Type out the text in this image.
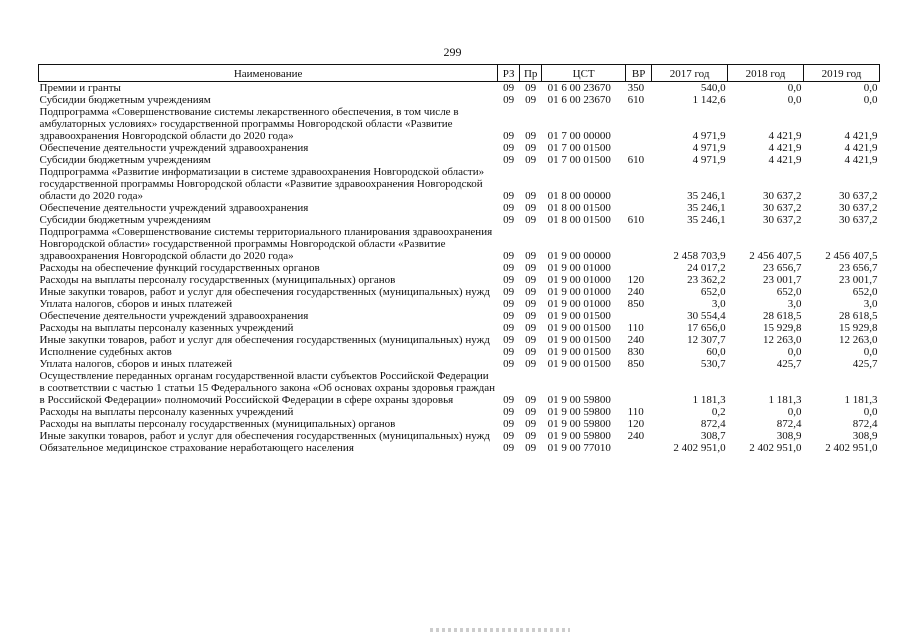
299
Наименование	РЗ	Пр	ЦСТ	ВР	2017 год	2018 год	2019 год
Премии и гранты	09	09	01 6 00 23670	350	540,0	0,0	0,0
Субсидии бюджетным учреждениям	09	09	01 6 00 23670	610	1 142,6	0,0	0,0
Подпрограмма «Совершенствование системы лекарственного обеспечения, в том числе в амбулаторных условиях» государственной программы Новгородской области «Развитие здравоохранения Новгородской области до 2020 года»	09	09	01 7 00 00000		4 971,9	4 421,9	4 421,9
Обеспечение деятельности учреждений здравоохранения	09	09	01 7 00 01500		4 971,9	4 421,9	4 421,9
Субсидии бюджетным учреждениям	09	09	01 7 00 01500	610	4 971,9	4 421,9	4 421,9
Подпрограмма «Развитие информатизации в системе здравоохранения Новгородской области» государственной программы Новгородской области «Развитие здравоохранения Новгородской области до 2020 года»	09	09	01 8 00 00000		35 246,1	30 637,2	30 637,2
Обеспечение деятельности учреждений здравоохранения	09	09	01 8 00 01500		35 246,1	30 637,2	30 637,2
Субсидии бюджетным учреждениям	09	09	01 8 00 01500	610	35 246,1	30 637,2	30 637,2
Подпрограмма «Совершенствование системы территориального планирования здравоохранения Новгородской области» государственной программы Новгородской области «Развитие здравоохранения Новгородской области до 2020 года»	09	09	01 9 00 00000		2 458 703,9	2 456 407,5	2 456 407,5
Расходы на обеспечение функций государственных органов	09	09	01 9 00 01000		24 017,2	23 656,7	23 656,7
Расходы на выплаты персоналу государственных (муниципальных) органов	09	09	01 9 00 01000	120	23 362,2	23 001,7	23 001,7
Иные закупки товаров, работ и услуг для обеспечения государственных (муниципальных) нужд	09	09	01 9 00 01000	240	652,0	652,0	652,0
Уплата налогов, сборов и иных платежей	09	09	01 9 00 01000	850	3,0	3,0	3,0
Обеспечение деятельности учреждений здравоохранения	09	09	01 9 00 01500		30 554,4	28 618,5	28 618,5
Расходы на выплаты персоналу казенных учреждений	09	09	01 9 00 01500	110	17 656,0	15 929,8	15 929,8
Иные закупки товаров, работ и услуг для обеспечения государственных (муниципальных) нужд	09	09	01 9 00 01500	240	12 307,7	12 263,0	12 263,0
Исполнение судебных актов	09	09	01 9 00 01500	830	60,0	0,0	0,0
Уплата налогов, сборов и иных платежей	09	09	01 9 00 01500	850	530,7	425,7	425,7
Осуществление переданных органам государственной власти субъектов Российской Федерации в соответствии с частью 1 статьи 15 Федерального закона «Об основах охраны здоровья граждан в Российской Федерации» полномочий Российской Федерации в сфере охраны здоровья	09	09	01 9 00 59800		1 181,3	1 181,3	1 181,3
Расходы на выплаты персоналу казенных учреждений	09	09	01 9 00 59800	110	0,2	0,0	0,0
Расходы на выплаты персоналу государственных (муниципальных) органов	09	09	01 9 00 59800	120	872,4	872,4	872,4
Иные закупки товаров, работ и услуг для обеспечения государственных (муниципальных) нужд	09	09	01 9 00 59800	240	308,7	308,9	308,9
Обязательное медицинское страхование неработающего населения	09	09	01 9 00 77010		2 402 951,0	2 402 951,0	2 402 951,0
